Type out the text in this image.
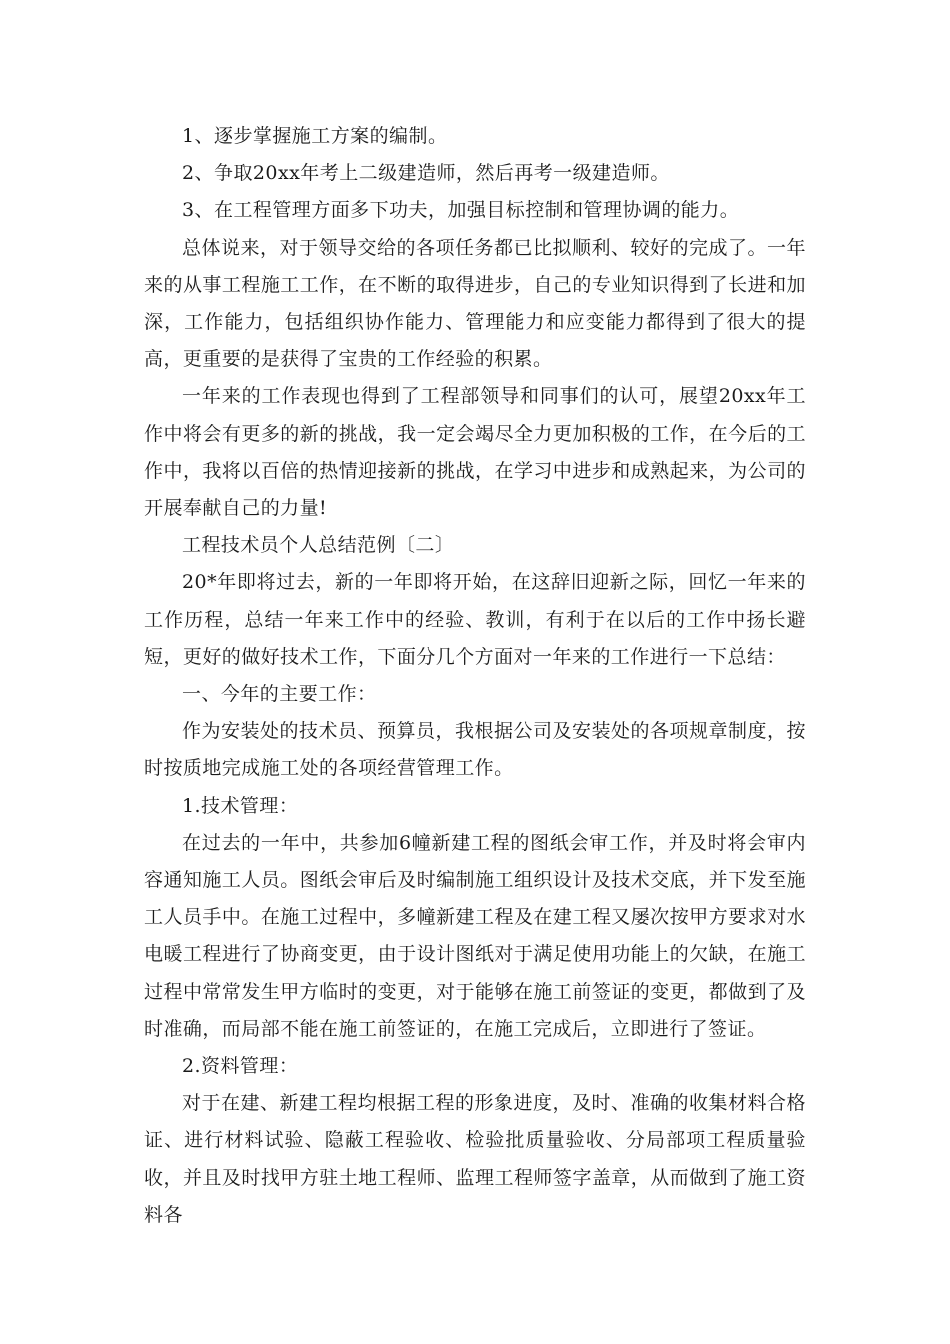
1、逐步掌握施工方案的编制。

2、争取20xx年考上二级建造师，然后再考一级建造师。

3、在工程管理方面多下功夫，加强目标控制和管理协调的能力。

总体说来，对于领导交给的各项任务都已比拟顺利、较好的完成了。一年来的从事工程施工工作，在不断的取得进步，自己的专业知识得到了长进和加深，工作能力，包括组织协作能力、管理能力和应变能力都得到了很大的提高，更重要的是获得了宝贵的工作经验的积累。

一年来的工作表现也得到了工程部领导和同事们的认可，展望20xx年工作中将会有更多的新的挑战，我一定会竭尽全力更加积极的工作，在今后的工作中，我将以百倍的热情迎接新的挑战，在学习中进步和成熟起来，为公司的开展奉献自己的力量!

工程技术员个人总结范例〔二〕

20*年即将过去，新的一年即将开始，在这辞旧迎新之际，回忆一年来的工作历程，总结一年来工作中的经验、教训，有利于在以后的工作中扬长避短，更好的做好技术工作，下面分几个方面对一年来的工作进行一下总结：

一、今年的主要工作：

作为安装处的技术员、预算员，我根据公司及安装处的各项规章制度，按时按质地完成施工处的各项经营管理工作。

1.技术管理：

在过去的一年中，共参加6幢新建工程的图纸会审工作，并及时将会审内容通知施工人员。图纸会审后及时编制施工组织设计及技术交底，并下发至施工人员手中。在施工过程中，多幢新建工程及在建工程又屡次按甲方要求对水电暖工程进行了协商变更，由于设计图纸对于满足使用功能上的欠缺，在施工过程中常常发生甲方临时的变更，对于能够在施工前签证的变更，都做到了及时准确，而局部不能在施工前签证的，在施工完成后，立即进行了签证。

2.资料管理：

对于在建、新建工程均根据工程的形象进度，及时、准确的收集材料合格证、进行材料试验、隐蔽工程验收、检验批质量验收、分局部项工程质量验收，并且及时找甲方驻土地工程师、监理工程师签字盖章，从而做到了施工资料各
